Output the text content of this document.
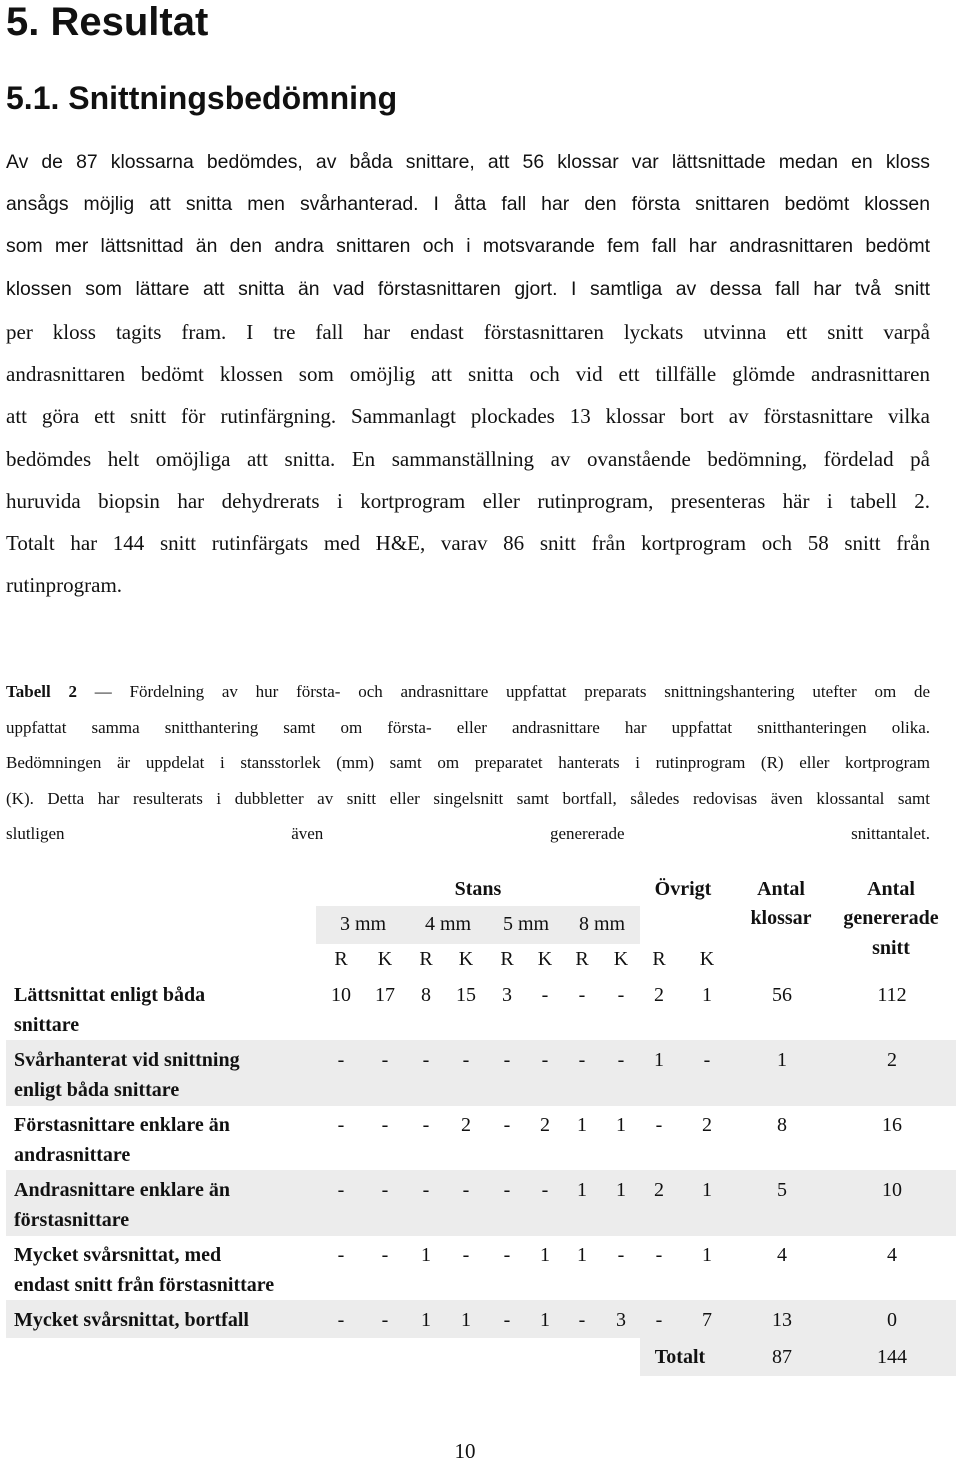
5. Resultat
5.1. Snittningsbedömning
Av de 87 klossarna bedömdes, av båda snittare, att 56 klossar var lättsnittade medan en kloss
ansågs möjlig att snitta men svårhanterad. I åtta fall har den första snittaren bedömt klossen
som mer lättsnittad än den andra snittaren och i motsvarande fem fall har andrasnittaren bedömt
klossen som lättare att snitta än vad förstasnittaren gjort. I samtliga av dessa fall har två snitt
per kloss tagits fram. I tre fall har endast förstasnittaren lyckats utvinna ett snitt varpå
andrasnittaren bedömt klossen som omöjlig att snitta och vid ett tillfälle glömde andrasnittaren
att göra ett snitt för rutinfärgning. Sammanlagt plockades 13 klossar bort av förstasnittare vilka
bedömdes helt omöjliga att snitta. En sammanställning av ovanstående bedömning, fördelad på
huruvida biopsin har dehydrerats i kortprogram eller rutinprogram, presenteras här i tabell 2.
Totalt har 144 snitt rutinfärgats med H&E, varav 86 snitt från kortprogram och 58 snitt från
rutinprogram.
Tabell 2 — Fördelning av hur första- och andrasnittare uppfattat preparats snittningshantering utefter om de
uppfattat samma snitthantering samt om första- eller andrasnittare har uppfattat snitthanteringen olika.
Bedömningen är uppdelat i stansstorlek (mm) samt om preparatet hanterats i rutinprogram (R) eller kortprogram
(K). Detta har resulterats i dubbletter av snitt eller singelsnitt samt bortfall, således redovisas även klossantal samt
slutligen även genererade snittantalet.
Stans	Övrigt	Antal
klossar
Antal
genererade
snitt
3 mm	4 mm	5 mm	8 mm
R	K	R	K	R	K	R	K	R	K
Lättsnittat enligt båda
snittare
10	17	8	15	3	-	-	-	2	1	56	112
Svårhanterat vid snittning
enligt båda snittare
-	-	-	-	-	-	-	-	1	-	1	2
Förstasnittare enklare än
andrasnittare
-	-	-	2	-	2	1	1	-	2	8	16
Andrasnittare enklare än
förstasnittare
-	-	-	-	-	-	1	1	2	1	5	10
Mycket svårsnittat, med
endast snitt från förstasnittare
-	-	1	-	-	1	1	-	-	1	4	4
Mycket svårsnittat, bortfall	-	-	1	1	-	1	-	3	-	7	13	0
Totalt	87	144
10
